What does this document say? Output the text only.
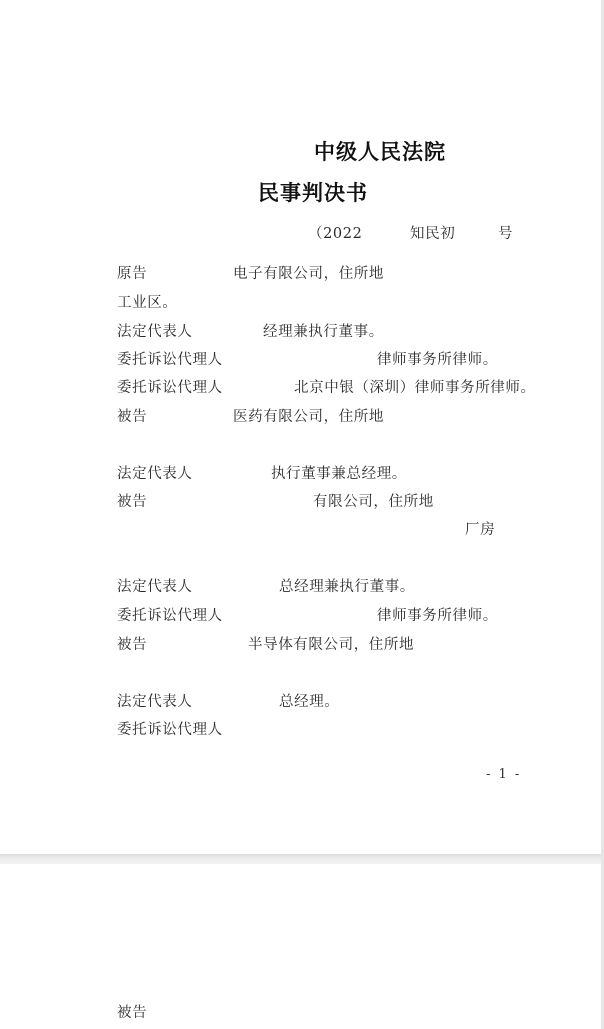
中级人民法院

民事判决书

（2022	知民初	号

原告	电子有限公司，住所地

工业区。

法定代表人	经理兼执行董事。

委托诉讼代理人	律师事务所律师。

委托诉讼代理人	北京中银（深圳）律师事务所律师。

被告	医药有限公司，住所地

法定代表人	执行董事兼总经理。

被告	有限公司，住所地

厂房

法定代表人	总经理兼执行董事。

委托诉讼代理人	律师事务所律师。

被告	半导体有限公司，住所地

法定代表人	总经理。

委托诉讼代理人

- 1 -

被告
